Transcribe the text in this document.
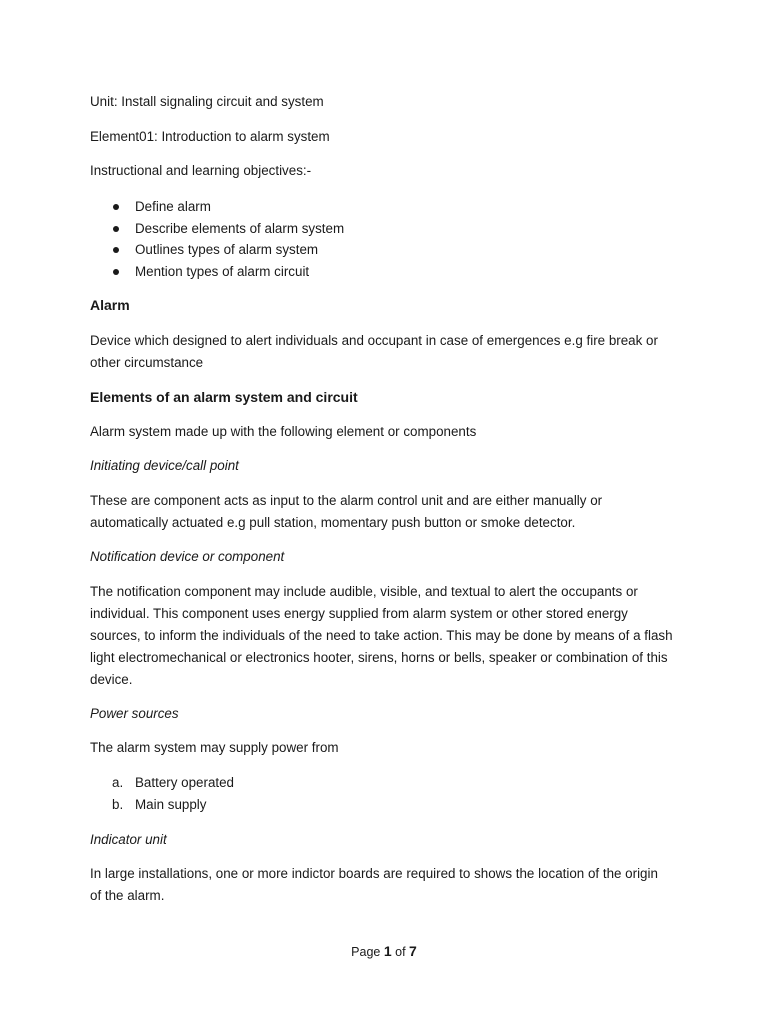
Unit: Install signaling circuit and system

Element01: Introduction to alarm system

Instructional and learning objectives:-

Define alarm
Describe elements of alarm system
Outlines types of alarm system
Mention types of alarm circuit

Alarm

Device which designed to alert individuals and occupant in case of emergences e.g fire break or other circumstance

Elements of an alarm system and circuit

Alarm system made up with the following element or components

Initiating device/call point

These are component acts as input to the alarm control unit and are either manually or automatically actuated e.g pull station, momentary push button or smoke detector.

Notification device or component

The notification component may include audible, visible, and textual to alert the occupants or individual. This component uses energy supplied from alarm system or other stored energy sources, to inform the individuals of the need to take action. This may be done by means of a flash light electromechanical or electronics hooter, sirens, horns or bells, speaker or combination of this device.

Power sources

The alarm system may supply power from

a. Battery operated
b. Main supply

Indicator unit

In large installations, one or more indictor boards are required to shows the location of the origin of the alarm.

Page 1 of 7
